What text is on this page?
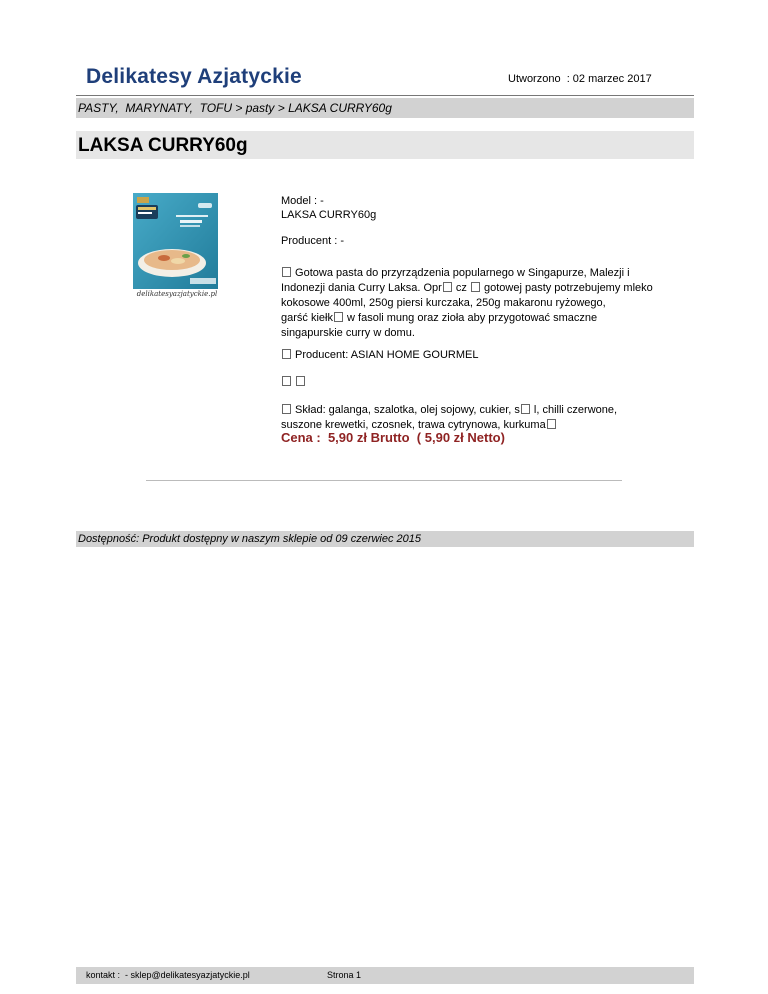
Delikatesy Azjatyckie	Utworzono  : 02 marzec 2017
PASTY,  MARYNATY,  TOFU > pasty > LAKSA CURRY60g
LAKSA CURRY60g
delikatesyazjatyckie.pl
Model : -
LAKSA CURRY60g
Producent : -
Gotowa pasta do przyrządzenia popularnego w Singapurze, Malezji i
Indonezji dania Curry Laksa. Opr cz  gotowej pasty potrzebujemy mleko
kokosowe 400ml, 250g piersi kurczaka, 250g makaronu ryżowego,
garść kiełk w fasoli mung oraz zioła aby przygotować smaczne
singapurskie curry w domu.
Producent: ASIAN HOME GOURMEL

Skład: galanga, szalotka, olej sojowy, cukier, s l, chilli czerwone,
suszone krewetki, czosnek, trawa cytrynowa, kurkuma
Cena :  5,90 zł Brutto  ( 5,90 zł Netto)
Dostępność: Produkt dostępny w naszym sklepie od 09 czerwiec 2015
kontakt :  - sklep@delikatesyazjatyckie.pl	Strona 1
